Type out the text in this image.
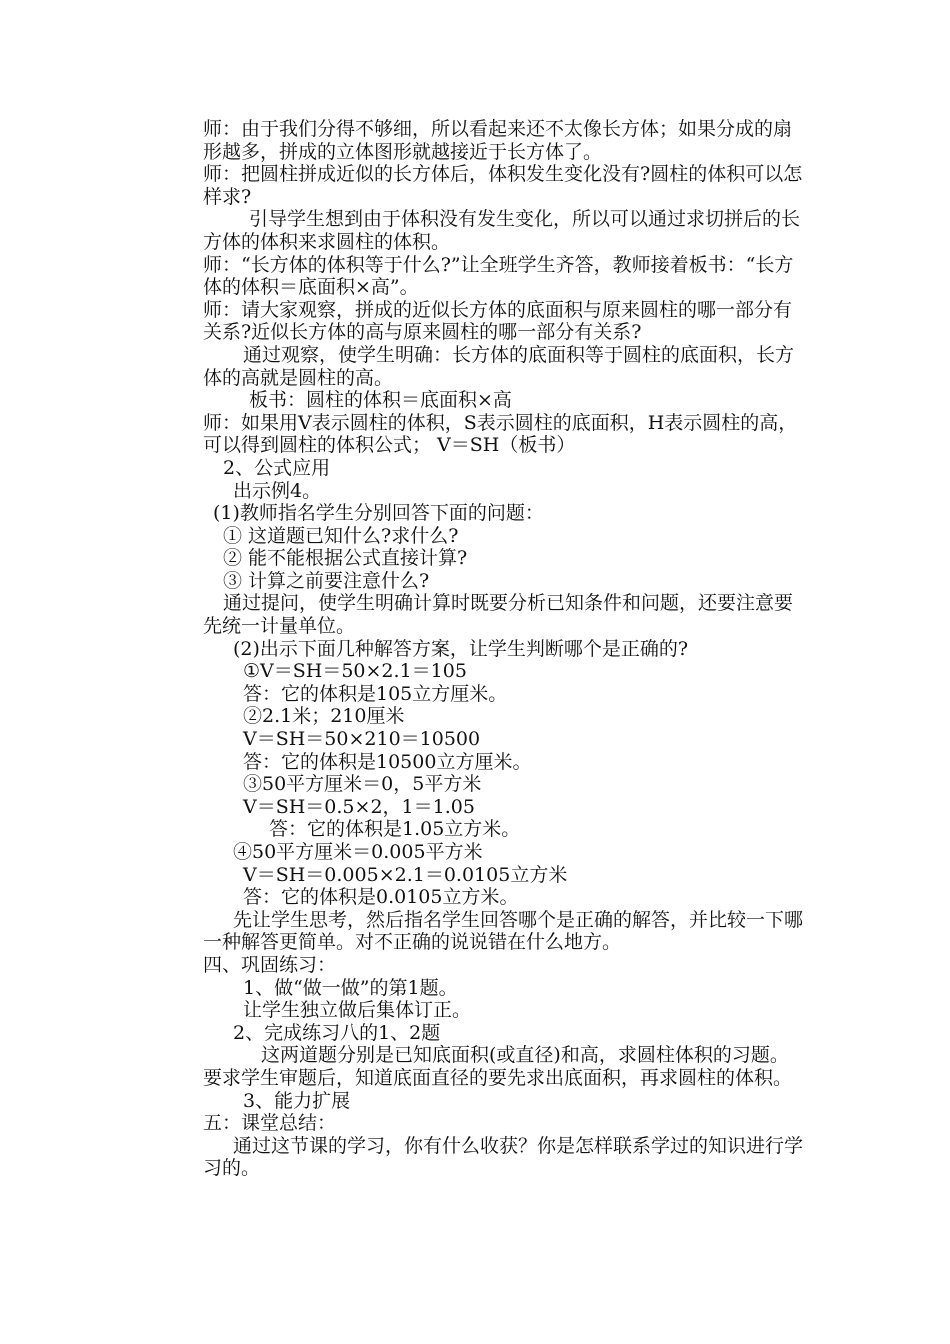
师：由于我们分得不够细，所以看起来还不太像长方体；如果分成的扇形越多，拼成的立体图形就越接近于长方体了。

师：把圆柱拼成近似的长方体后，体积发生变化没有?圆柱的体积可以怎样求?

引导学生想到由于体积没有发生变化，所以可以通过求切拼后的长方体的体积来求圆柱的体积。

师：“长方体的体积等于什么?”让全班学生齐答，教师接着板书：“长方体的体积＝底面积×高”。

师：请大家观察，拼成的近似长方体的底面积与原来圆柱的哪一部分有关系?近似长方体的高与原来圆柱的哪一部分有关系?

通过观察，使学生明确：长方体的底面积等于圆柱的底面积，长方体的高就是圆柱的高。

板书：圆柱的体积＝底面积×高

师：如果用V表示圆柱的体积，S表示圆柱的底面积，H表示圆柱的高，可以得到圆柱的体积公式； V＝SH（板书）

2、公式应用

出示例4。

(1)教师指名学生分别回答下面的问题：

① 这道题已知什么?求什么?

② 能不能根据公式直接计算?

③ 计算之前要注意什么?

通过提问，使学生明确计算时既要分析已知条件和问题，还要注意要先统一计量单位。

(2)出示下面几种解答方案，让学生判断哪个是正确的?

①V＝SH＝50×2.1＝105

答：它的体积是105立方厘米。

②2.1米；210厘米

V＝SH＝50×210＝10500

答：它的体积是10500立方厘米。

③50平方厘米＝0，5平方米

V＝SH＝0.5×2，1＝1.05

答：它的体积是1.05立方米。

④50平方厘米＝0.005平方米

V＝SH＝0.005×2.1＝0.0105立方米

答：它的体积是0.0105立方米。

先让学生思考，然后指名学生回答哪个是正确的解答，并比较一下哪一种解答更简单。对不正确的说说错在什么地方。

四、巩固练习：

1、做“做一做”的第1题。

让学生独立做后集体订正。

2、完成练习八的1、2题

这两道题分别是已知底面积(或直径)和高，求圆柱体积的习题。要求学生审题后，知道底面直径的要先求出底面积，再求圆柱的体积。

3、能力扩展

五：课堂总结：

通过这节课的学习，你有什么收获？你是怎样联系学过的知识进行学习的。
